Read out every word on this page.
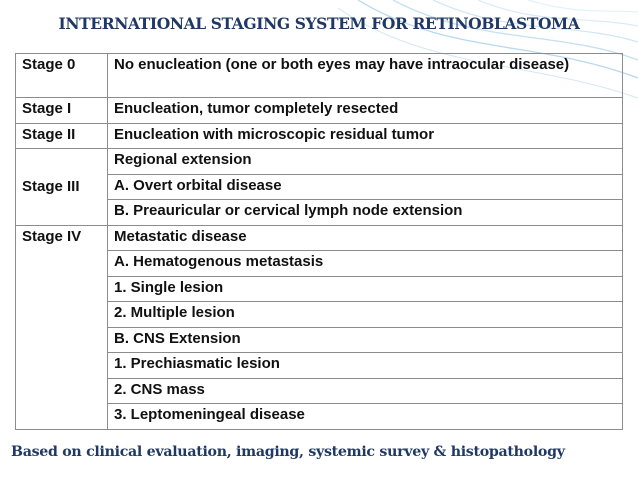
INTERNATIONAL STAGING SYSTEM FOR RETINOBLASTOMA
Stage 0	No enucleation (one or both eyes may have intraocular disease)
Stage I	Enucleation, tumor completely resected
Stage II	Enucleation with microscopic residual tumor
Stage III	Regional extension
	A. Overt orbital disease
	B. Preauricular or cervical lymph node extension
Stage IV	Metastatic disease
	A. Hematogenous metastasis
	1. Single lesion
	2. Multiple lesion
	B. CNS Extension
	1. Prechiasmatic lesion
	2. CNS mass
	3. Leptomeningeal disease
Based on clinical evaluation, imaging, systemic survey & histopathology
